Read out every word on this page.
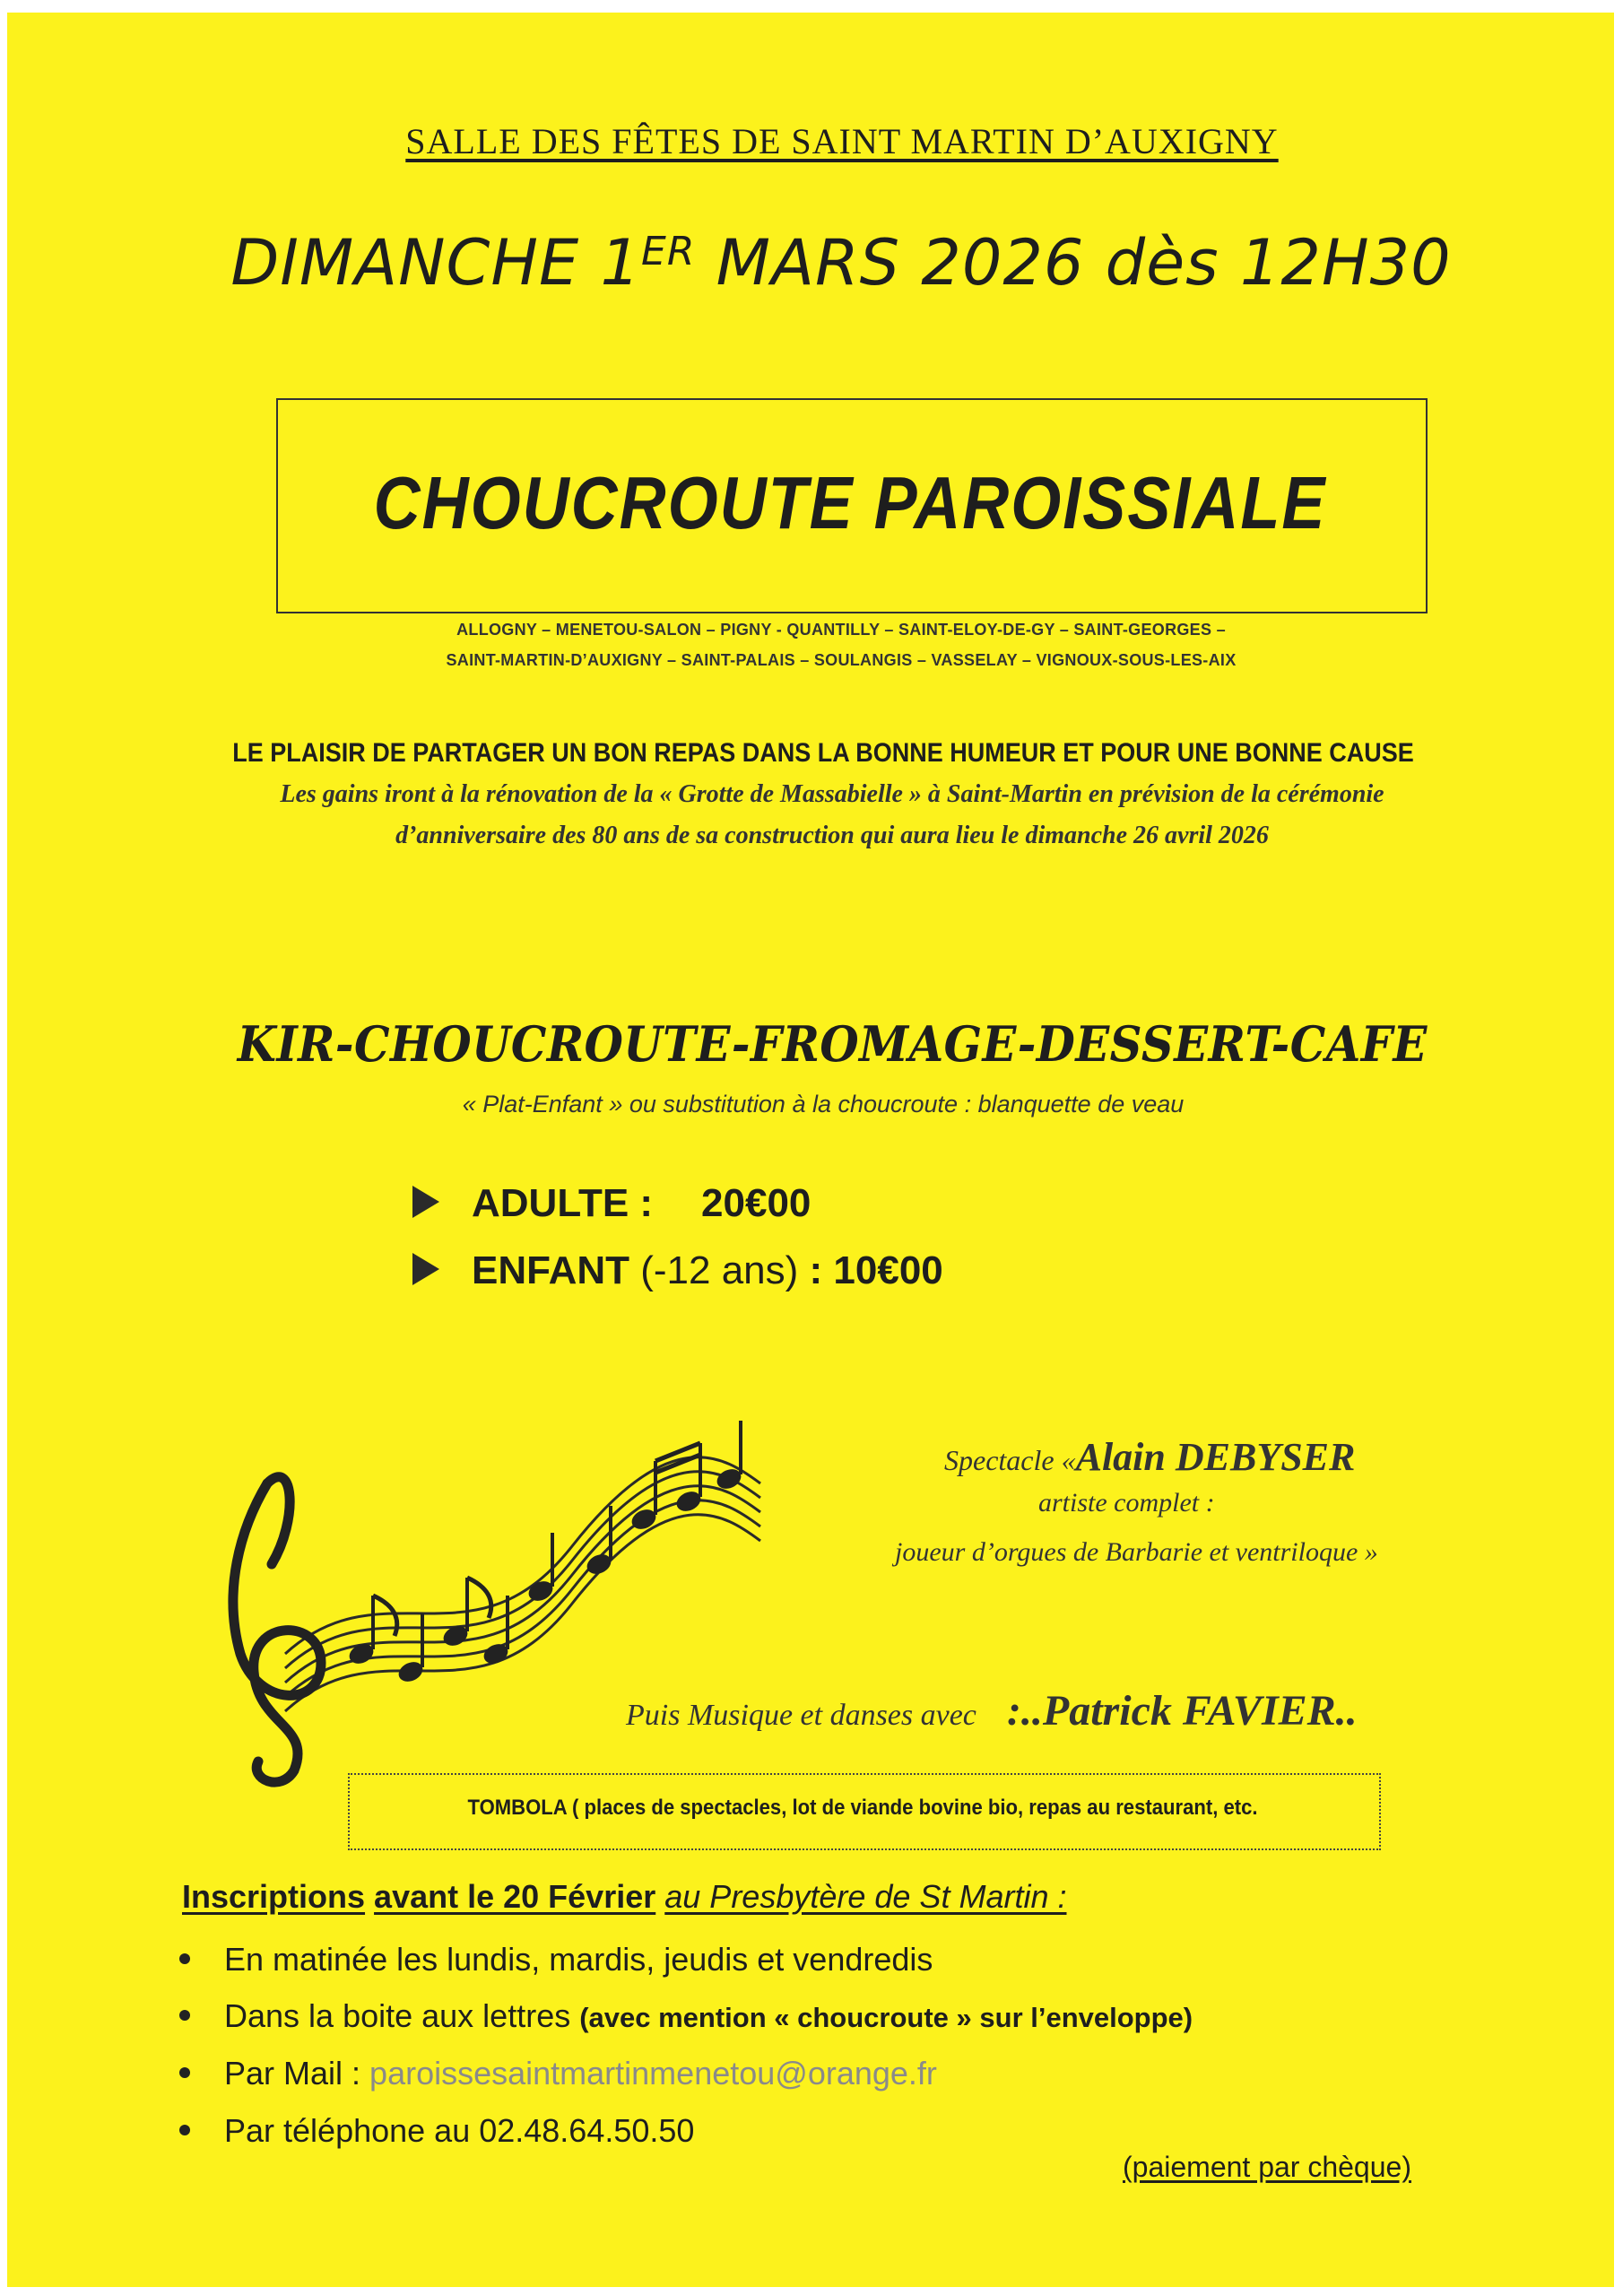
SALLE DES FÊTES DE SAINT MARTIN D’AUXIGNY
DIMANCHE 1ER MARS 2026 dès 12H30
CHOUCROUTE PAROISSIALE
ALLOGNY – MENETOU-SALON – PIGNY - QUANTILLY – SAINT-ELOY-DE-GY – SAINT-GEORGES –
SAINT-MARTIN-D’AUXIGNY – SAINT-PALAIS – SOULANGIS – VASSELAY – VIGNOUX-SOUS-LES-AIX
LE PLAISIR DE PARTAGER UN BON REPAS DANS LA BONNE HUMEUR ET POUR UNE BONNE CAUSE
Les gains iront à la rénovation de la « Grotte de Massabielle » à Saint-Martin en prévision de la cérémonie
d’anniversaire des 80 ans de sa construction qui aura lieu le dimanche 26 avril 2026
KIR-CHOUCROUTE-FROMAGE-DESSERT-CAFE
« Plat-Enfant » ou substitution à la choucroute : blanquette de veau
ADULTE : 20€00
ENFANT (-12 ans) : 10€00
Spectacle «Alain DEBYSER
artiste complet :
joueur d’orgues de Barbarie et ventriloque »
Puis Musique et danses avec :..Patrick FAVIER..
TOMBOLA ( places de spectacles, lot de viande bovine bio, repas au restaurant, etc.
Inscriptions avant le 20 Février au Presbytère de St Martin :
En matinée les lundis, mardis, jeudis et vendredis
Dans la boite aux lettres (avec mention « choucroute » sur l’enveloppe)
Par Mail : paroissesaintmartinmenetou@orange.fr
Par téléphone au 02.48.64.50.50
(paiement par chèque)
